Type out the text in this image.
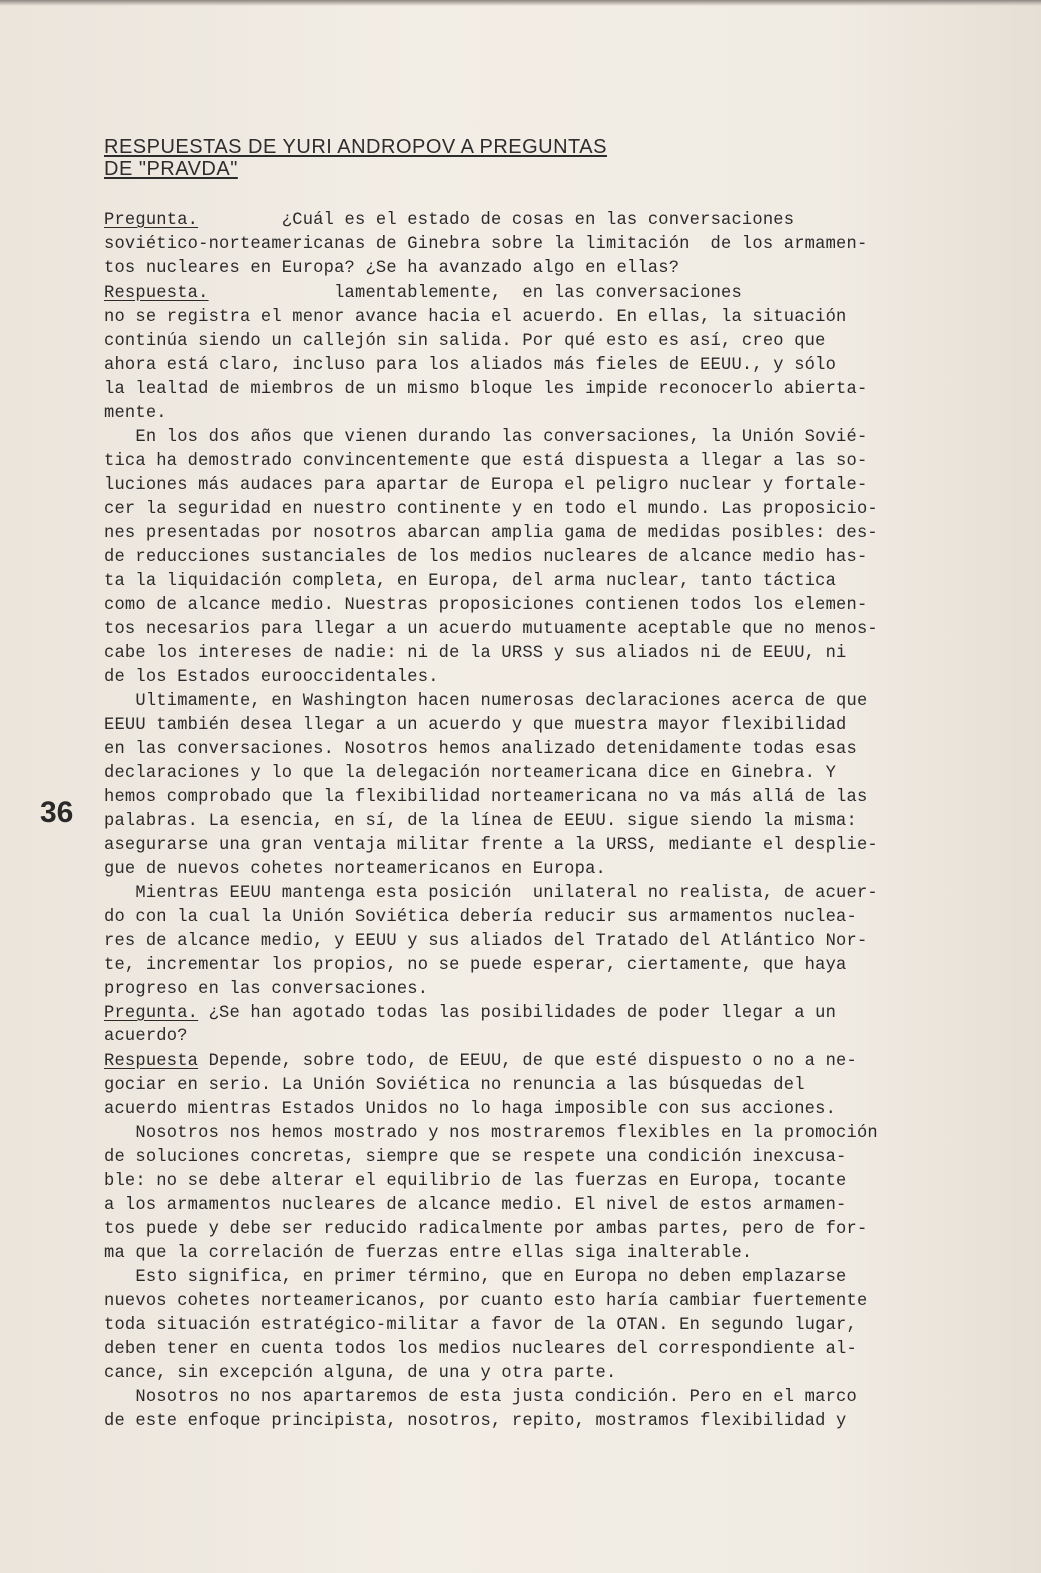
RESPUESTAS DE YURI ANDROPOV A PREGUNTAS
DE "PRAVDA"
36
Pregunta.        ¿Cuál es el estado de cosas en las conversaciones
soviético-norteamericanas de Ginebra sobre la limitación  de los armamen-
tos nucleares en Europa? ¿Se ha avanzado algo en ellas?
Respuesta.            lamentablemente,  en las conversaciones
no se registra el menor avance hacia el acuerdo. En ellas, la situación
continúa siendo un callejón sin salida. Por qué esto es así, creo que
ahora está claro, incluso para los aliados más fieles de EEUU., y sólo
la lealtad de miembros de un mismo bloque les impide reconocerlo abierta-
mente.
En los dos años que vienen durando las conversaciones, la Unión Sovié-
tica ha demostrado convincentemente que está dispuesta a llegar a las so-
luciones más audaces para apartar de Europa el peligro nuclear y fortale-
cer la seguridad en nuestro continente y en todo el mundo. Las proposicio-
nes presentadas por nosotros abarcan amplia gama de medidas posibles: des-
de reducciones sustanciales de los medios nucleares de alcance medio has-
ta la liquidación completa, en Europa, del arma nuclear, tanto táctica
como de alcance medio. Nuestras proposiciones contienen todos los elemen-
tos necesarios para llegar a un acuerdo mutuamente aceptable que no menos-
cabe los intereses de nadie: ni de la URSS y sus aliados ni de EEUU, ni
de los Estados eurooccidentales.
Ultimamente, en Washington hacen numerosas declaraciones acerca de que
EEUU también desea llegar a un acuerdo y que muestra mayor flexibilidad
en las conversaciones. Nosotros hemos analizado detenidamente todas esas
declaraciones y lo que la delegación norteamericana dice en Ginebra. Y
hemos comprobado que la flexibilidad norteamericana no va más allá de las
palabras. La esencia, en sí, de la línea de EEUU. sigue siendo la misma:
asegurarse una gran ventaja militar frente a la URSS, mediante el desplie-
gue de nuevos cohetes norteamericanos en Europa.
Mientras EEUU mantenga esta posición  unilateral no realista, de acuer-
do con la cual la Unión Soviética debería reducir sus armamentos nuclea-
res de alcance medio, y EEUU y sus aliados del Tratado del Atlántico Nor-
te, incrementar los propios, no se puede esperar, ciertamente, que haya
progreso en las conversaciones.
Pregunta. ¿Se han agotado todas las posibilidades de poder llegar a un
acuerdo?
Respuesta Depende, sobre todo, de EEUU, de que esté dispuesto o no a ne-
gociar en serio. La Unión Soviética no renuncia a las búsquedas del
acuerdo mientras Estados Unidos no lo haga imposible con sus acciones.
Nosotros nos hemos mostrado y nos mostraremos flexibles en la promoción
de soluciones concretas, siempre que se respete una condición inexcusa-
ble: no se debe alterar el equilibrio de las fuerzas en Europa, tocante
a los armamentos nucleares de alcance medio. El nivel de estos armamen-
tos puede y debe ser reducido radicalmente por ambas partes, pero de for-
ma que la correlación de fuerzas entre ellas siga inalterable.
Esto significa, en primer término, que en Europa no deben emplazarse
nuevos cohetes norteamericanos, por cuanto esto haría cambiar fuertemente
toda situación estratégico-militar a favor de la OTAN. En segundo lugar,
deben tener en cuenta todos los medios nucleares del correspondiente al-
cance, sin excepción alguna, de una y otra parte.
Nosotros no nos apartaremos de esta justa condición. Pero en el marco
de este enfoque principista, nosotros, repito, mostramos flexibilidad y
